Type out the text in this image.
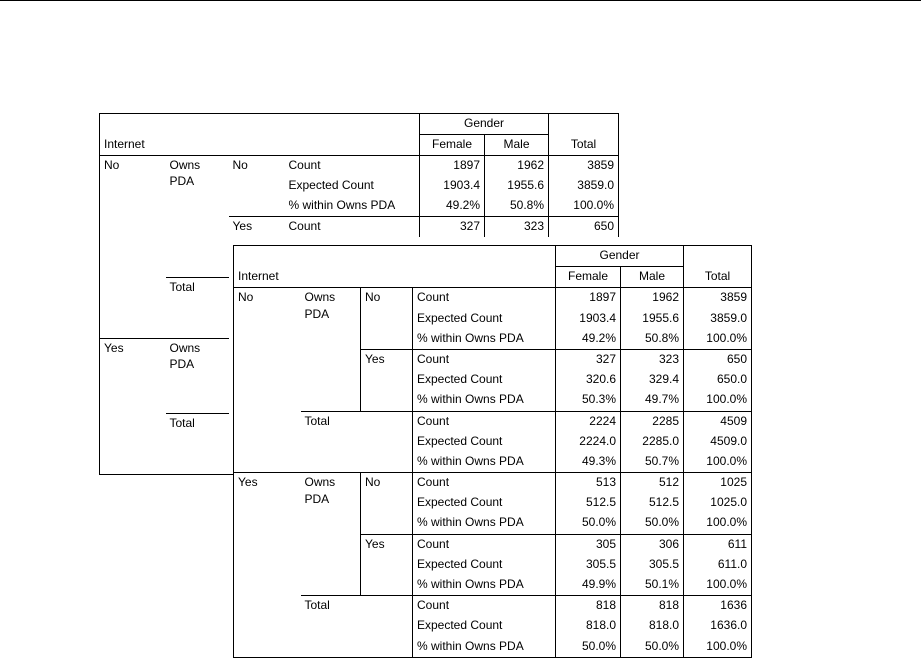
				Gender		
Internet				Female	Male	Total
No	Owns PDA	No	Count	1897	1962	3859
			Expected Count	1903.4	1955.6	3859.0
			% within Owns PDA	49.2%	50.8%	100.0%
		Yes	Count	327	323	650

	Total					

Yes	Owns PDA					

	Total					

				Gender		
Internet				Female	Male	Total
No	Owns PDA	No	Count	1897	1962	3859
			Expected Count	1903.4	1955.6	3859.0
			% within Owns PDA	49.2%	50.8%	100.0%
		Yes	Count	327	323	650
			Expected Count	320.6	329.4	650.0
			% within Owns PDA	50.3%	49.7%	100.0%
	Total		Count	2224	2285	4509
			Expected Count	2224.0	2285.0	4509.0
			% within Owns PDA	49.3%	50.7%	100.0%
Yes	Owns PDA	No	Count	513	512	1025
			Expected Count	512.5	512.5	1025.0
			% within Owns PDA	50.0%	50.0%	100.0%
		Yes	Count	305	306	611
			Expected Count	305.5	305.5	611.0
			% within Owns PDA	49.9%	50.1%	100.0%
	Total		Count	818	818	1636
			Expected Count	818.0	818.0	1636.0
			% within Owns PDA	50.0%	50.0%	100.0%
